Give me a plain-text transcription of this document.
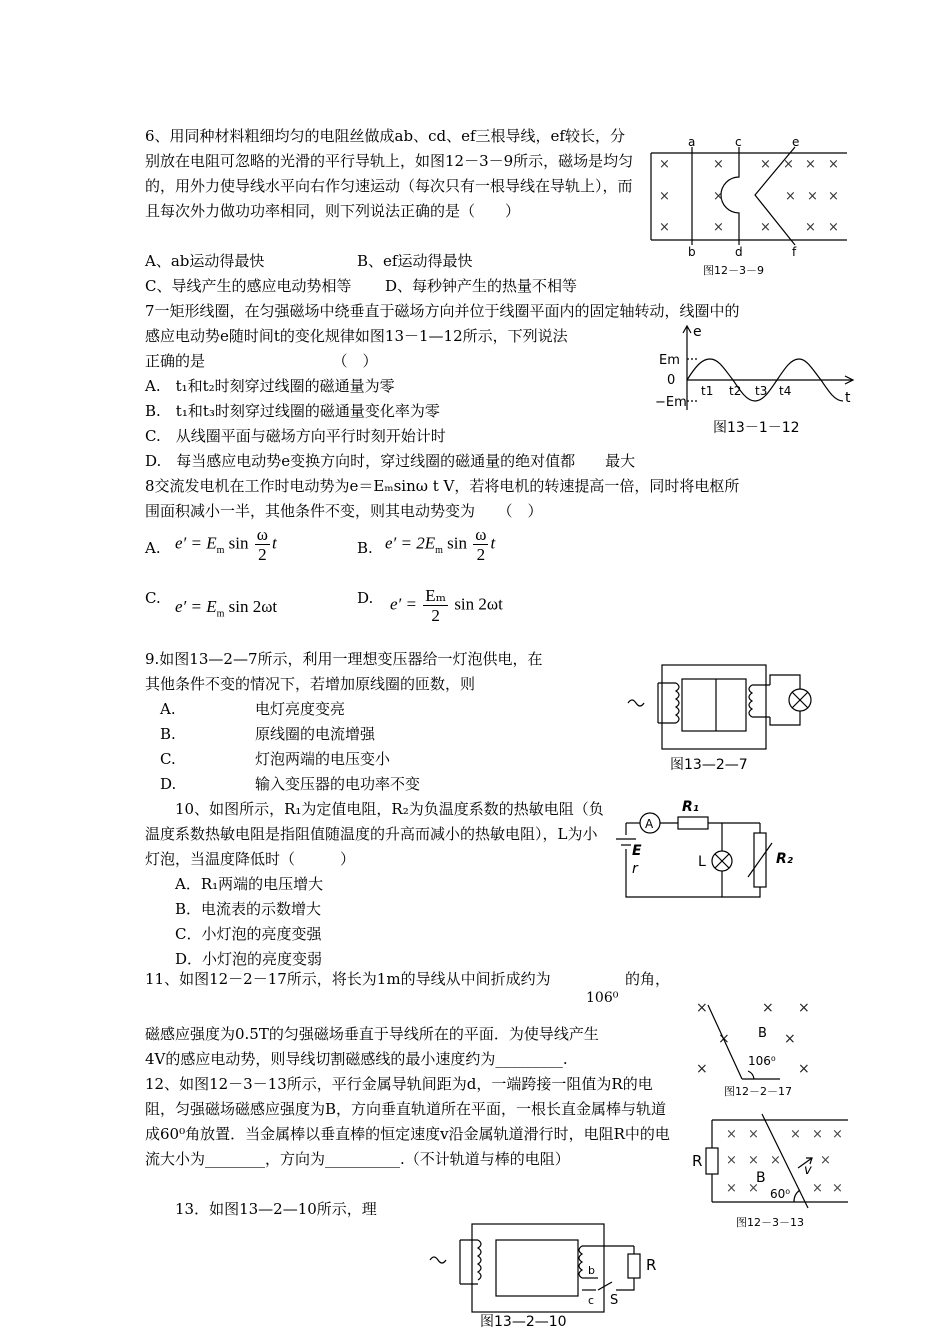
6、用同种材料粗细均匀的电阻丝做成ab、cd、ef三根导线，ef较长，分别放在电阻可忽略的光滑的平行导轨上，如图12－3－9所示，磁场是均匀的，用外力使导线水平向右作匀速运动（每次只有一根导线在导轨上），而且每次外力做功功率相同，则下列说法正确的是（　　）
A、ab运动得最快	B、ef运动得最快
C、导线产生的感应电动势相等 D、每秒钟产生的热量不相等
×	×	× × × ×
×	×	× × ×
×	×	×	× ×
a	c	e
b	d	f
图12－3－9
7一矩形线圈，在匀强磁场中绕垂直于磁场方向并位于线圈平面内的固定轴转动，线圈中的
感应电动势e随时间t的变化规律如图13－1—12所示，下列说法
正确的是　　　　　　　　　（　）
A.　t₁和t₂时刻穿过线圈的磁通量为零
B.　t₁和t₃时刻穿过线圈的磁通量变化率为零
C.　从线圈平面与磁场方向平行时刻开始计时
D.　每当感应电动势e变换方向时，穿过线圈的磁通量的绝对值都　　最大
e
t
Em
0
−Em
t1 t2 t3 t4
图13－1－12
8交流发电机在工作时电动势为e＝Eₘsinω t V，若将电机的转速提高一倍，同时将电枢所
围面积减小一半，其他条件不变，则其电动势变为　　（　）
A. $e' = E_m$ $\sin \frac{\omega}{2}$ t	B. $e' = 2E_m$ $\sin \frac{\omega}{2}$ t
C. $e' = E_m$ sin 2ωt	D. $e' = \frac{\text{Eₘ}}{2}$ sin 2ωt
9.如图13—2—7所示，利用一理想变压器给一灯泡供电，在
其他条件不变的情况下，若增加原线圈的匝数，则
A.	电灯亮度变亮
B.	原线圈的电流增强
C.	灯泡两端的电压变小
D.	输入变压器的电功率不变
图13—2—7
10、如图所示，R₁为定值电阻，R₂为负温度系数的热敏电阻（负温度系数热敏电阻是指阻值随温度的升高而减小的热敏电阻），L为小灯泡，当温度降低时（　　　）
A．R₁两端的电压增大
B．电流表的示数增大
C．小灯泡的亮度变强
D．小灯泡的亮度变弱
A
R₁
R₂
E
r	L
11、如图12－2－17所示，将长为1m的导线从中间折成约为
106⁰
的角，
磁感应强度为0.5T的匀强磁场垂直于导线所在的平面．为使导线产生
4V的感应电动势，则导线切割磁感线的最小速度约为_________.
×	× ×
×	×
×	×
B
106⁰
图12－2－17
12、如图12－3－13所示，平行金属导轨间距为d，一端跨接一阻值为R的电阻，匀强磁场磁感应强度为B，方向垂直轨道所在平面，一根长直金属棒与轨道成60⁰角放置．当金属棒以垂直棒的恒定速度v沿金属轨道滑行时，电阻R中的电流大小为________，方向为__________.（不计轨道与棒的电阻）
× × × × ×
× × ×	×
× ×	× ×
R
B	v
60⁰
图12－3－13
13．如图13—2—10所示，理
R
S
b
c
图13—2—10
